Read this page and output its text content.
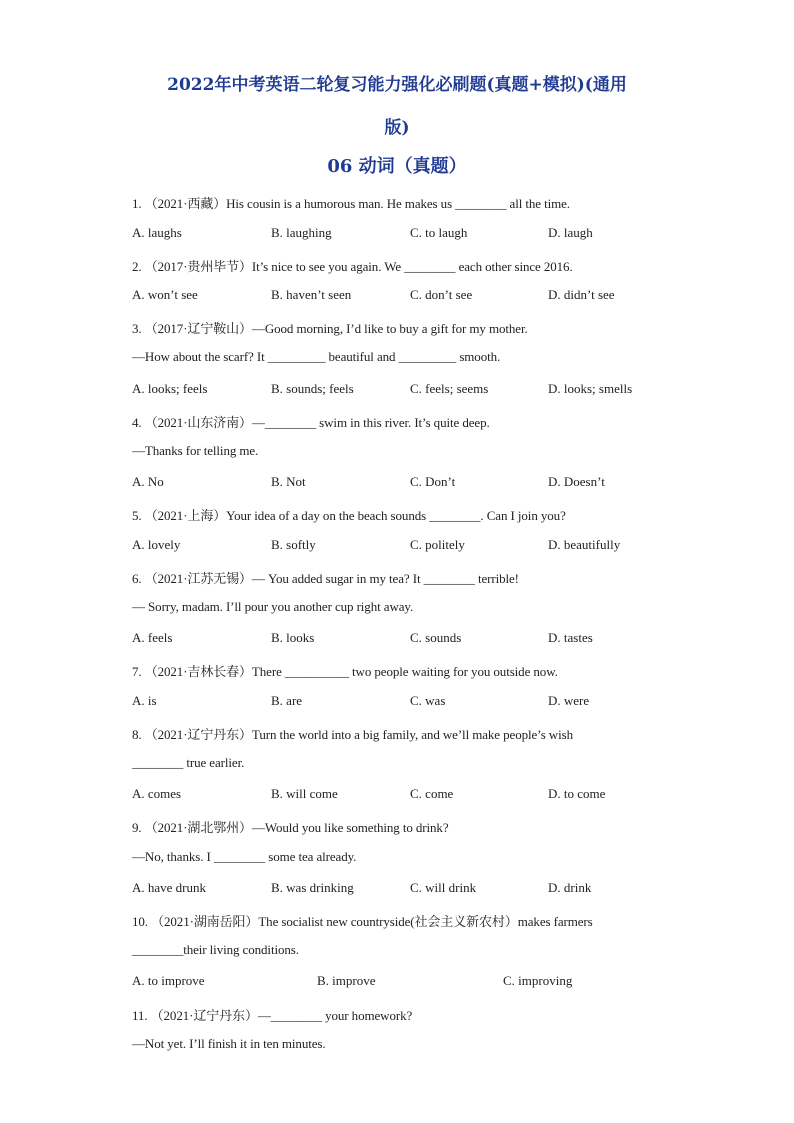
2022年中考英语二轮复习能力强化必刷题(真题+模拟)(通用
版)
06 动词（真题）
1. （2021·西藏）His cousin is a humorous man. He makes us ________ all the time.
A. laughs	B. laughing	C. to laugh	D. laugh
2. （2017·贵州毕节）It’s nice to see you again. We ________ each other since 2016.
A. won’t see	B. haven’t seen	C. don’t see	D. didn’t see
3. （2017·辽宁鞍山）—Good morning, I’d like to buy a gift for my mother.
—How about the scarf? It _________ beautiful and _________ smooth.
A. looks; feels	B. sounds; feels	C. feels; seems	D. looks; smells
4. （2021·山东济南）—________ swim in this river. It’s quite deep.
—Thanks for telling me.
A. No	B. Not	C. Don’t	D. Doesn’t
5. （2021·上海）Your idea of a day on the beach sounds ________. Can I join you?
A. lovely	B. softly	C. politely	D. beautifully
6. （2021·江苏无锡）— You added sugar in my tea? It ________ terrible!
— Sorry, madam. I’ll pour you another cup right away.
A. feels	B. looks	C. sounds	D. tastes
7. （2021·吉林长春）There __________ two people waiting for you outside now.
A. is	B. are	C. was	D. were
8. （2021·辽宁丹东）Turn the world into a big family, and we’ll make people’s wish
________ true earlier.
A. comes	B. will come	C. come	D. to come
9. （2021·湖北鄂州）—Would you like something to drink?
—No, thanks. I ________ some tea already.
A. have drunk	B. was drinking	C. will drink	D. drink
10. （2021·湖南岳阳）The socialist new countryside(社会主义新农村）makes farmers
________their living conditions.
A. to improve	B. improve	C. improving
11. （2021·辽宁丹东）—________ your homework?
—Not yet. I’ll finish it in ten minutes.
